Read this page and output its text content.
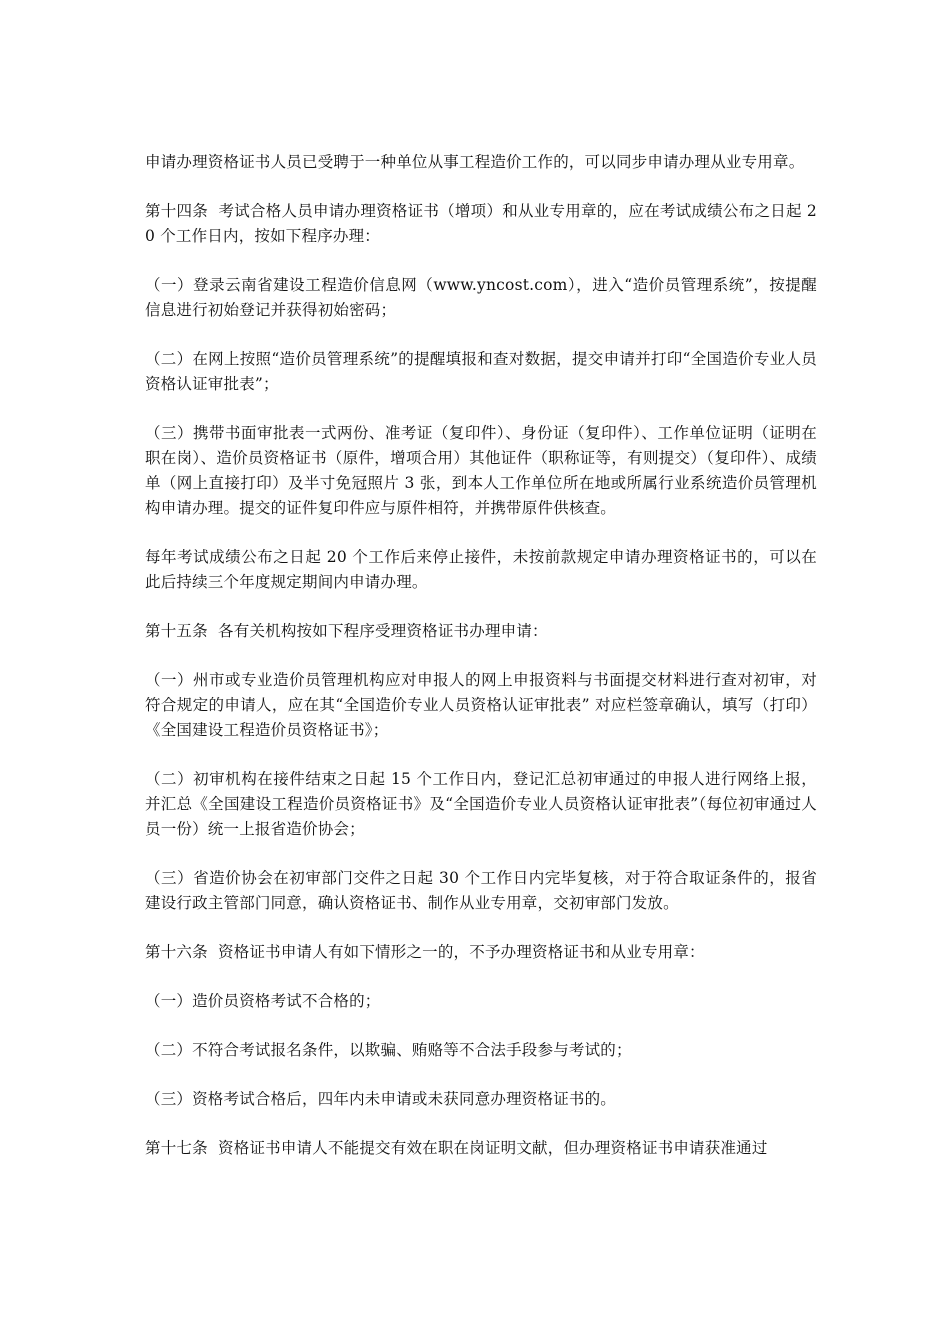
申请办理资格证书人员已受聘于一种单位从事工程造价工作的，可以同步申请办理从业专用章。

第十四条  考试合格人员申请办理资格证书（增项）和从业专用章的，应在考试成绩公布之日起 20 个工作日内，按如下程序办理：

（一）登录云南省建设工程造价信息网（www.yncost.com），进入“造价员管理系统”，按提醒信息进行初始登记并获得初始密码；

（二）在网上按照“造价员管理系统”的提醒填报和查对数据，提交申请并打印“全国造价专业人员资格认证审批表”；

（三）携带书面审批表一式两份、准考证（复印件）、身份证（复印件）、工作单位证明（证明在职在岗）、造价员资格证书（原件，增项合用）其他证件（职称证等，有则提交）（复印件）、成绩单（网上直接打印）及半寸免冠照片 3 张，到本人工作单位所在地或所属行业系统造价员管理机构申请办理。提交的证件复印件应与原件相符，并携带原件供核查。

每年考试成绩公布之日起 20 个工作后来停止接件，未按前款规定申请办理资格证书的，可以在此后持续三个年度规定期间内申请办理。

第十五条  各有关机构按如下程序受理资格证书办理申请：

（一）州市或专业造价员管理机构应对申报人的网上申报资料与书面提交材料进行查对初审，对符合规定的申请人，应在其“全国造价专业人员资格认证审批表” 对应栏签章确认，填写（打印）《全国建设工程造价员资格证书》；

（二）初审机构在接件结束之日起 15 个工作日内，登记汇总初审通过的申报人进行网络上报，并汇总《全国建设工程造价员资格证书》及“全国造价专业人员资格认证审批表”（每位初审通过人员一份）统一上报省造价协会；

（三）省造价协会在初审部门交件之日起 30 个工作日内完毕复核，对于符合取证条件的，报省建设行政主管部门同意，确认资格证书、制作从业专用章，交初审部门发放。

第十六条  资格证书申请人有如下情形之一的，不予办理资格证书和从业专用章：

（一）造价员资格考试不合格的；

（二）不符合考试报名条件，以欺骗、贿赂等不合法手段参与考试的；

（三）资格考试合格后，四年内未申请或未获同意办理资格证书的。

第十七条  资格证书申请人不能提交有效在职在岗证明文献，但办理资格证书申请获准通过
